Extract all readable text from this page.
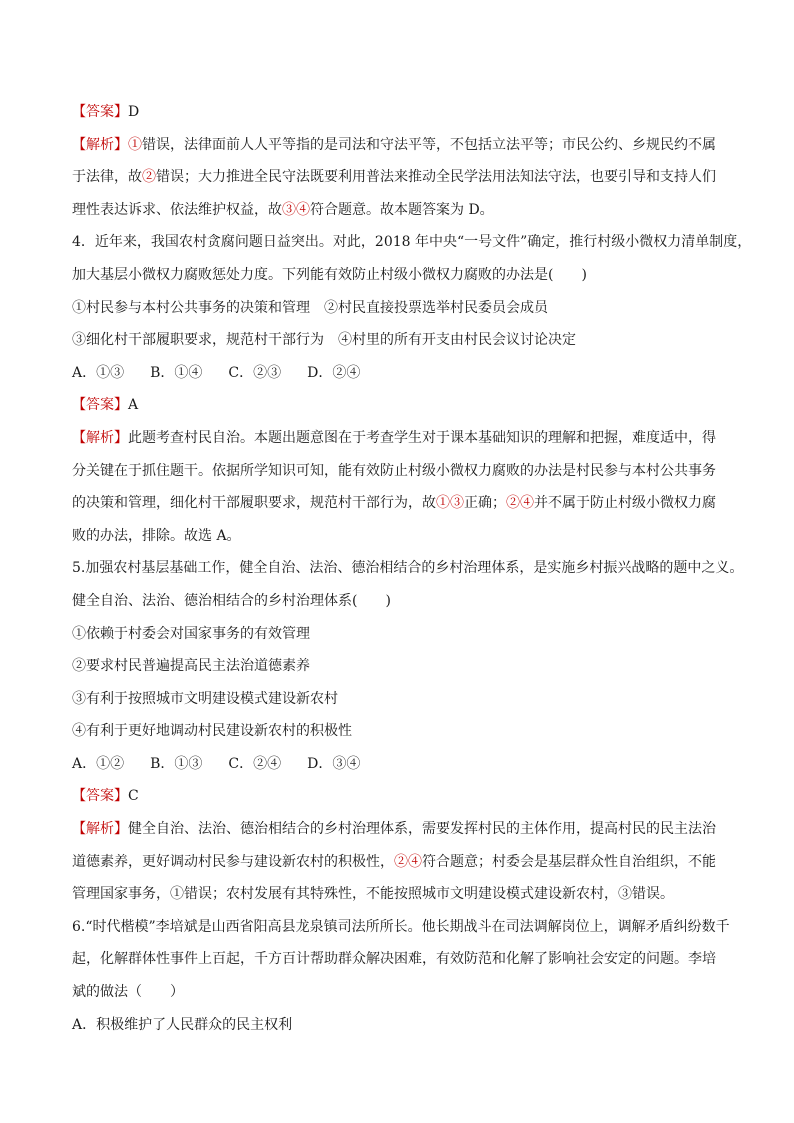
【答案】D
【解析】①错误，法律面前人人平等指的是司法和守法平等，不包括立法平等；市民公约、乡规民约不属
于法律，故②错误；大力推进全民守法既要利用普法来推动全民学法用法知法守法，也要引导和支持人们
理性表达诉求、依法维护权益，故③④符合题意。故本题答案为 D。
4．近年来，我国农村贪腐问题日益突出。对此，2018 年中央“一号文件”确定，推行村级小微权力清单制度，
加大基层小微权力腐败惩处力度。下列能有效防止村级小微权力腐败的办法是(　　)
①村民参与本村公共事务的决策和管理　②村民直接投票选举村民委员会成员
③细化村干部履职要求，规范村干部行为　④村里的所有开支由村民会议讨论决定
A．①③ B．①④ C．②③ D．②④
【答案】A
【解析】此题考查村民自治。本题出题意图在于考查学生对于课本基础知识的理解和把握，难度适中，得
分关键在于抓住题干。依据所学知识可知，能有效防止村级小微权力腐败的办法是村民参与本村公共事务
的决策和管理，细化村干部履职要求，规范村干部行为，故①③正确；②④并不属于防止村级小微权力腐
败的办法，排除。故选 A。
5.加强农村基层基础工作，健全自治、法治、德治相结合的乡村治理体系，是实施乡村振兴战略的题中之义。
健全自治、法治、德治相结合的乡村治理体系(　　)
①依赖于村委会对国家事务的有效管理
②要求村民普遍提高民主法治道德素养
③有利于按照城市文明建设模式建设新农村
④有利于更好地调动村民建设新农村的积极性
A．①② B．①③ C．②④ D．③④
【答案】C
【解析】健全自治、法治、德治相结合的乡村治理体系，需要发挥村民的主体作用，提高村民的民主法治
道德素养，更好调动村民参与建设新农村的积极性，②④符合题意；村委会是基层群众性自治组织，不能
管理国家事务，①错误；农村发展有其特殊性，不能按照城市文明建设模式建设新农村，③错误。
6.“时代楷模”李培斌是山西省阳高县龙泉镇司法所所长。他长期战斗在司法调解岗位上，调解矛盾纠纷数千
起，化解群体性事件上百起，千方百计帮助群众解决困难，有效防范和化解了影响社会安定的问题。李培
斌的做法（　　）
A．积极维护了人民群众的民主权利
